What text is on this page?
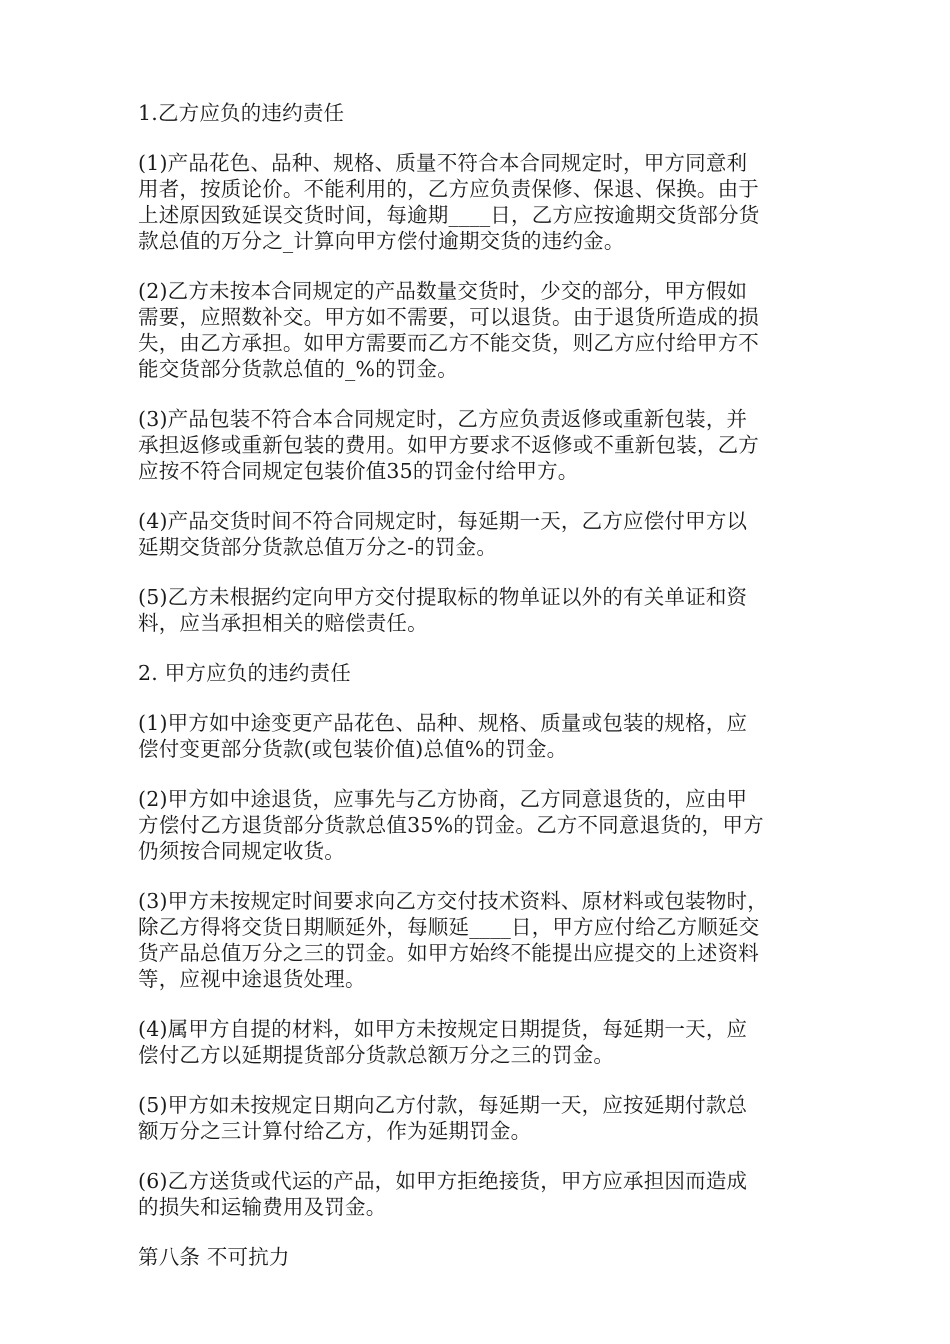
1.乙方应负的违约责任

(1)产品花色、品种、规格、质量不符合本合同规定时，甲方同意利
用者，按质论价。不能利用的，乙方应负责保修、保退、保换。由于
上述原因致延误交货时间，每逾期____日，乙方应按逾期交货部分货
款总值的万分之_计算向甲方偿付逾期交货的违约金。

(2)乙方未按本合同规定的产品数量交货时，少交的部分，甲方假如
需要，应照数补交。甲方如不需要，可以退货。由于退货所造成的损
失，由乙方承担。如甲方需要而乙方不能交货，则乙方应付给甲方不
能交货部分货款总值的_%的罚金。

(3)产品包装不符合本合同规定时，乙方应负责返修或重新包装，并
承担返修或重新包装的费用。如甲方要求不返修或不重新包装，乙方
应按不符合同规定包装价值35的罚金付给甲方。

(4)产品交货时间不符合同规定时，每延期一天，乙方应偿付甲方以
延期交货部分货款总值万分之-的罚金。

(5)乙方未根据约定向甲方交付提取标的物单证以外的有关单证和资
料，应当承担相关的赔偿责任。

2. 甲方应负的违约责任

(1)甲方如中途变更产品花色、品种、规格、质量或包装的规格，应
偿付变更部分货款(或包装价值)总值%的罚金。

(2)甲方如中途退货，应事先与乙方协商，乙方同意退货的，应由甲
方偿付乙方退货部分货款总值35%的罚金。乙方不同意退货的，甲方
仍须按合同规定收货。

(3)甲方未按规定时间要求向乙方交付技术资料、原材料或包装物时，
除乙方得将交货日期顺延外，每顺延____日，甲方应付给乙方顺延交
货产品总值万分之三的罚金。如甲方始终不能提出应提交的上述资料
等，应视中途退货处理。

(4)属甲方自提的材料，如甲方未按规定日期提货，每延期一天，应
偿付乙方以延期提货部分货款总额万分之三的罚金。

(5)甲方如未按规定日期向乙方付款，每延期一天，应按延期付款总
额万分之三计算付给乙方，作为延期罚金。

(6)乙方送货或代运的产品，如甲方拒绝接货，甲方应承担因而造成
的损失和运输费用及罚金。

第八条 不可抗力
